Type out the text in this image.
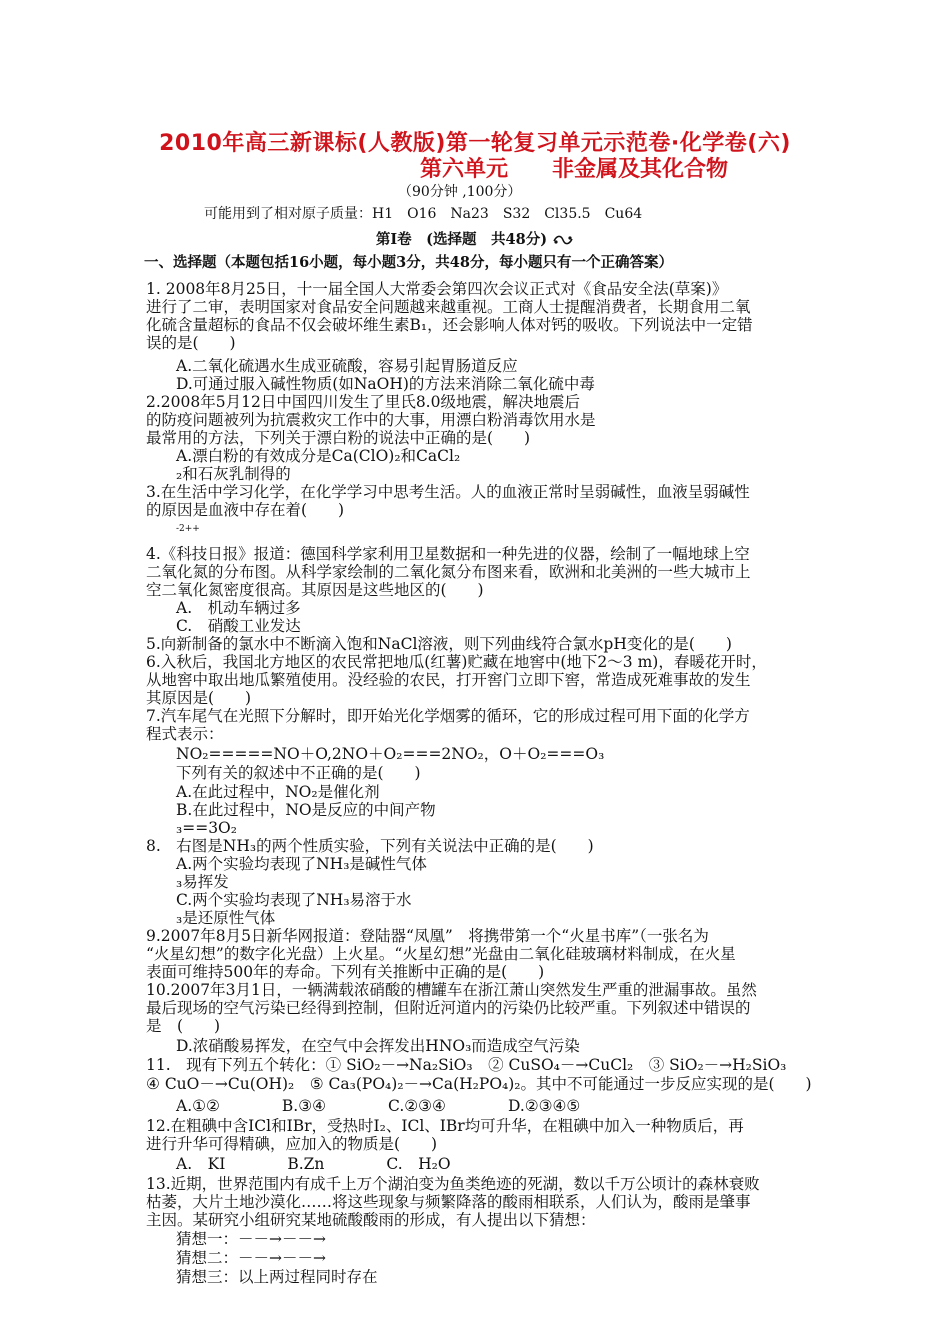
2010年高三新课标(人教版)第一轮复习单元示范卷·化学卷(六)
第六单元 非金属及其化合物
（90分钟 ,100分）
可能用到了相对原子质量：H1　O16　Na23　S32　Cl35.5　Cu64
第Ⅰ卷　(选择题　共48分)
一、选择题（本题包括16小题，每小题3分，共48分，每小题只有一个正确答案）
1. 2008年8月25日，十一届全国人大常委会第四次会议正式对《食品安全法(草案)》
进行了二审，表明国家对食品安全问题越来越重视。工商人士提醒消费者，长期食用二氧
化硫含量超标的食品不仅会破坏维生素B₁，还会影响人体对钙的吸收。下列说法中一定错
误的是(　　)
A.二氧化硫遇水生成亚硫酸，容易引起胃肠道反应
D.可通过服入碱性物质(如NaOH)的方法来消除二氧化硫中毒
2.2008年5月12日中国四川发生了里氏8.0级地震，解决地震后
的防疫问题被列为抗震救灾工作中的大事，用漂白粉消毒饮用水是
最常用的方法，下列关于漂白粉的说法中正确的是(　　)
A.漂白粉的有效成分是Ca(ClO)₂和CaCl₂
₂和石灰乳制得的
3.在生活中学习化学，在化学学习中思考生活。人的血液正常时呈弱碱性，血液呈弱碱性
的原因是血液中存在着(　　)
-2++
4.《科技日报》报道：德国科学家利用卫星数据和一种先进的仪器，绘制了一幅地球上空
二氧化氮的分布图。从科学家绘制的二氧化氮分布图来看，欧洲和北美洲的一些大城市上
空二氧化氮密度很高。其原因是这些地区的(　　)
A.　机动车辆过多
C.　硝酸工业发达
5.向新制备的氯水中不断滴入饱和NaCl溶液，则下列曲线符合氯水pH变化的是(　　)
6.入秋后，我国北方地区的农民常把地瓜(红薯)贮藏在地窖中(地下2～3 m)，春暖花开时，
从地窖中取出地瓜繁殖使用。没经验的农民，打开窖门立即下窖，常造成死难事故的发生
其原因是(　　)
7.汽车尾气在光照下分解时，即开始光化学烟雾的循环，它的形成过程可用下面的化学方
程式表示：
NO₂=====NO＋O,2NO＋O₂===2NO₂，O＋O₂===O₃
下列有关的叙述中不正确的是(　　)
A.在此过程中，NO₂是催化剂
B.在此过程中，NO是反应的中间产物
₃==3O₂
8.　右图是NH₃的两个性质实验，下列有关说法中正确的是(　　)
A.两个实验均表现了NH₃是碱性气体
₃易挥发
C.两个实验均表现了NH₃易溶于水
₃是还原性气体
9.2007年8月5日新华网报道：登陆器“凤凰”　将携带第一个“火星书库”（一张名为
“火星幻想”的数字化光盘）上火星。“火星幻想”光盘由二氧化硅玻璃材料制成，在火星
表面可维持500年的寿命。下列有关推断中正确的是(　　)
10.2007年3月1日，一辆满载浓硝酸的槽罐车在浙江萧山突然发生严重的泄漏事故。虽然
最后现场的空气污染已经得到控制，但附近河道内的污染仍比较严重。下列叙述中错误的
是　(　　)
D.浓硝酸易挥发，在空气中会挥发出HNO₃而造成空气污染
11.　现有下列五个转化：① SiO₂－→Na₂SiO₃　② CuSO₄－→CuCl₂　③ SiO₂－→H₂SiO₃
④ CuO－→Cu(OH)₂　⑤ Ca₃(PO₄)₂－→Ca(H₂PO₄)₂。其中不可能通过一步反应实现的是(　　)
A.①②　　　　B.③④　　　　C.②③④　　　　D.②③④⑤
12.在粗碘中含ICl和IBr，受热时I₂、ICl、IBr均可升华，在粗碘中加入一种物质后，再
进行升华可得精碘，应加入的物质是(　　)
A.　KI　　　　B.Zn　　　　C.　H₂O
13.近期，世界范围内有成千上万个湖泊变为鱼类绝迹的死湖，数以千万公顷计的森林衰败
枯萎，大片土地沙漠化……将这些现象与频繁降落的酸雨相联系，人们认为，酸雨是肇事
主因。某研究小组研究某地硫酸酸雨的形成，有人提出以下猜想：
猜想一：－－→－－→
猜想二：－－→－－→
猜想三：以上两过程同时存在
